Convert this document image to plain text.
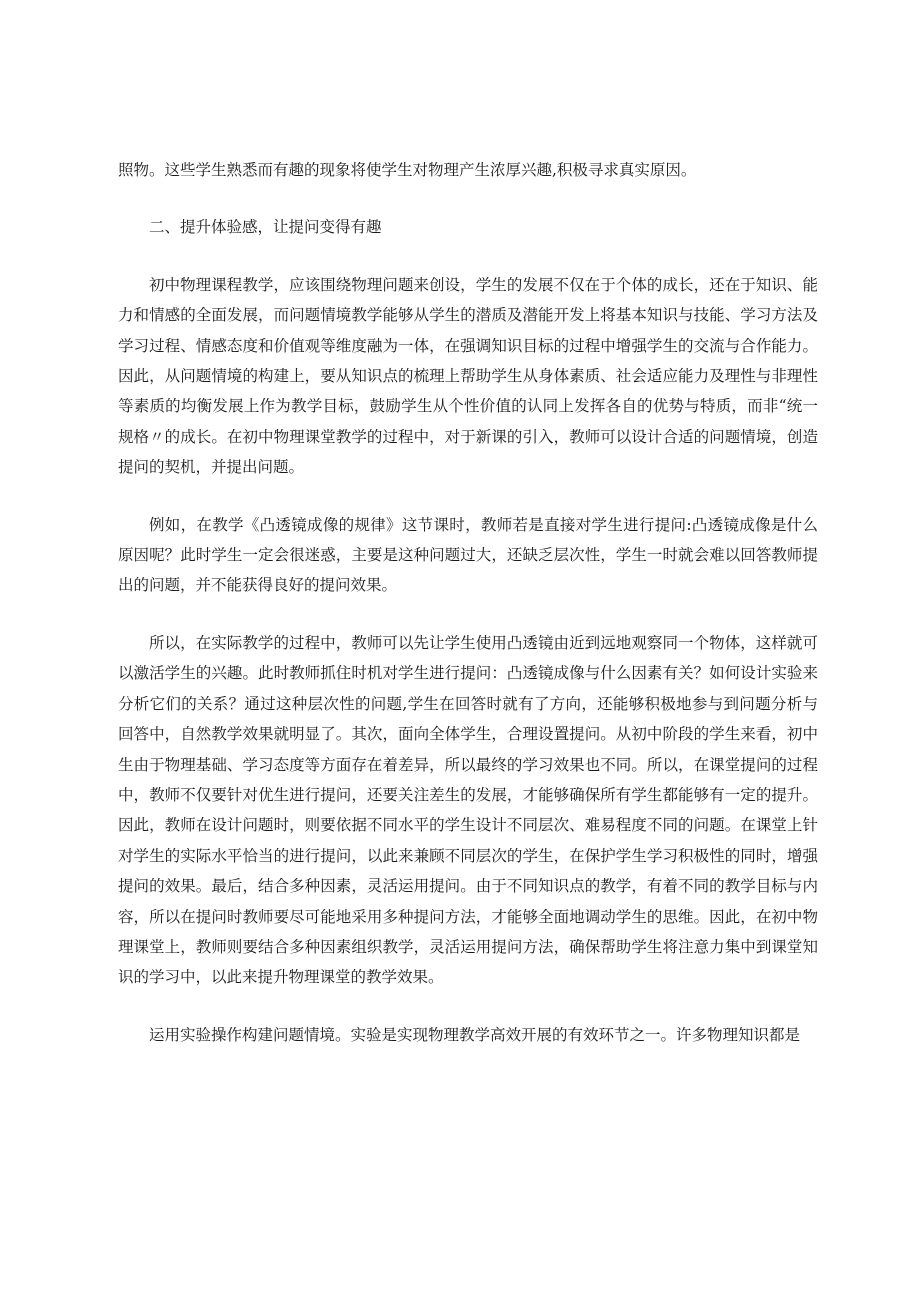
照物。这些学生熟悉而有趣的现象将使学生对物理产生浓厚兴趣,积极寻求真实原因。

二、提升体验感，让提问变得有趣

初中物理课程教学，应该围绕物理问题来创设，学生的发展不仅在于个体的成长，还在于知识、能力和情感的全面发展，而问题情境教学能够从学生的潜质及潜能开发上将基本知识与技能、学习方法及学习过程、情感态度和价值观等维度融为一体，在强调知识目标的过程中增强学生的交流与合作能力。因此，从问题情境的构建上，要从知识点的梳理上帮助学生从身体素质、社会适应能力及理性与非理性等素质的均衡发展上作为教学目标，鼓励学生从个性价值的认同上发挥各自的优势与特质，而非“统一规格〃的成长。在初中物理课堂教学的过程中，对于新课的引入，教师可以设计合适的问题情境，创造提问的契机，并提出问题。

例如，在教学《凸透镜成像的规律》这节课时，教师若是直接对学生进行提问:凸透镜成像是什么原因呢？此时学生一定会很迷惑，主要是这种问题过大，还缺乏层次性，学生一时就会难以回答教师提出的问题，并不能获得良好的提问效果。

所以，在实际教学的过程中，教师可以先让学生使用凸透镜由近到远地观察同一个物体，这样就可以激活学生的兴趣。此时教师抓住时机对学生进行提问：凸透镜成像与什么因素有关？如何设计实验来分析它们的关系？通过这种层次性的问题,学生在回答时就有了方向，还能够积极地参与到问题分析与回答中，自然教学效果就明显了。其次，面向全体学生，合理设置提问。从初中阶段的学生来看，初中生由于物理基础、学习态度等方面存在着差异，所以最终的学习效果也不同。所以，在课堂提问的过程中，教师不仅要针对优生进行提问，还要关注差生的发展，才能够确保所有学生都能够有一定的提升。因此，教师在设计问题时，则要依据不同水平的学生设计不同层次、难易程度不同的问题。在课堂上针对学生的实际水平恰当的进行提问，以此来兼顾不同层次的学生，在保护学生学习积极性的同时，增强提问的效果。最后，结合多种因素，灵活运用提问。由于不同知识点的教学，有着不同的教学目标与内容，所以在提问时教师要尽可能地采用多种提问方法，才能够全面地调动学生的思维。因此，在初中物理课堂上，教师则要结合多种因素组织教学，灵活运用提问方法，确保帮助学生将注意力集中到课堂知识的学习中，以此来提升物理课堂的教学效果。

运用实验操作构建问题情境。实验是实现物理教学高效开展的有效环节之一。许多物理知识都是
